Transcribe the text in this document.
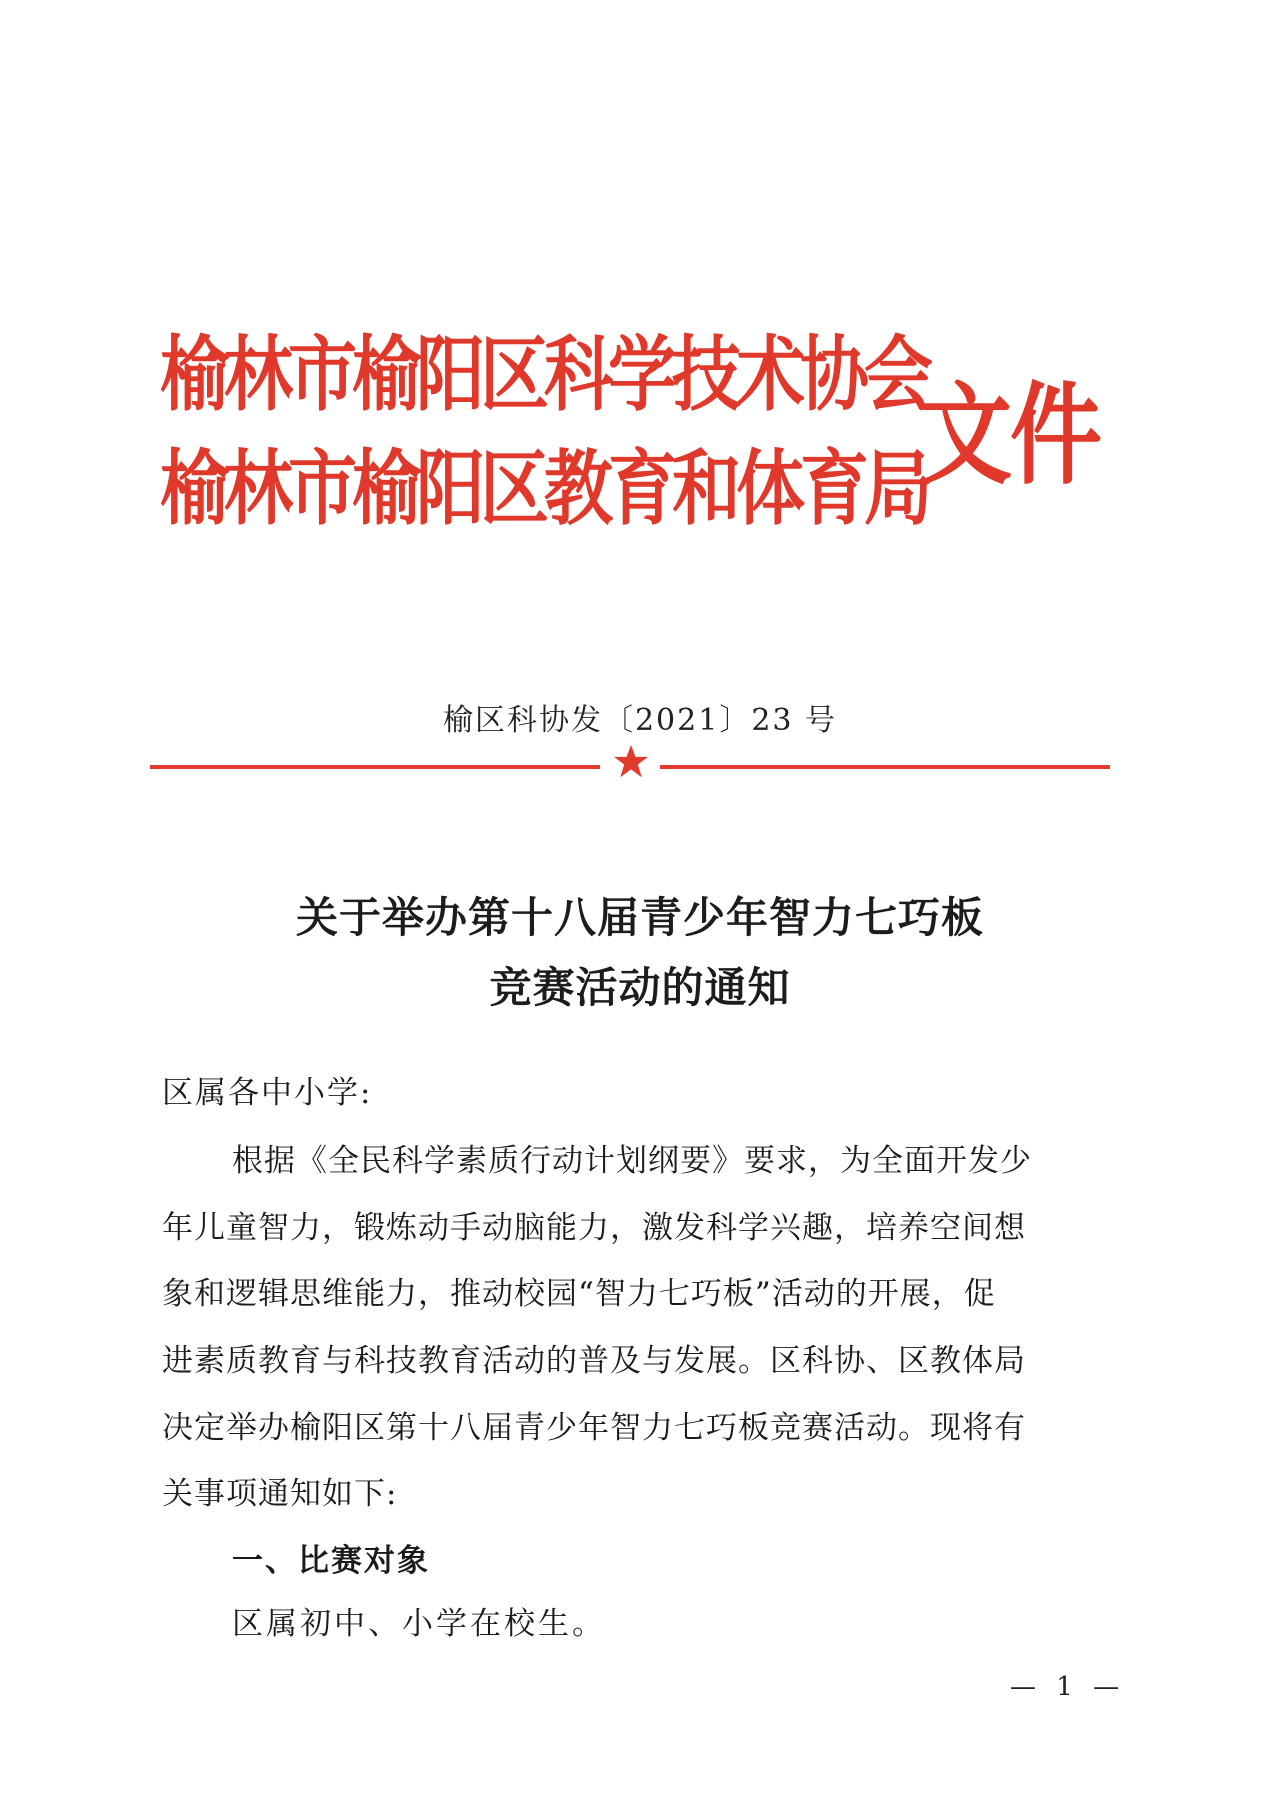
榆林市榆阳区科学技术协会
榆林市榆阳区教育和体育局
文件
榆区科协发〔2021〕23 号
关于举办第十八届青少年智力七巧板
竞赛活动的通知
区属各中小学:
根据《全民科学素质行动计划纲要》要求，为全面开发少
年儿童智力，锻炼动手动脑能力，激发科学兴趣，培养空间想
象和逻辑思维能力，推动校园“智力七巧板”活动的开展，促
进素质教育与科技教育活动的普及与发展。区科协、区教体局
决定举办榆阳区第十八届青少年智力七巧板竞赛活动。现将有
关事项通知如下:
一、比赛对象
区属初中、小学在校生。
— 1 —
